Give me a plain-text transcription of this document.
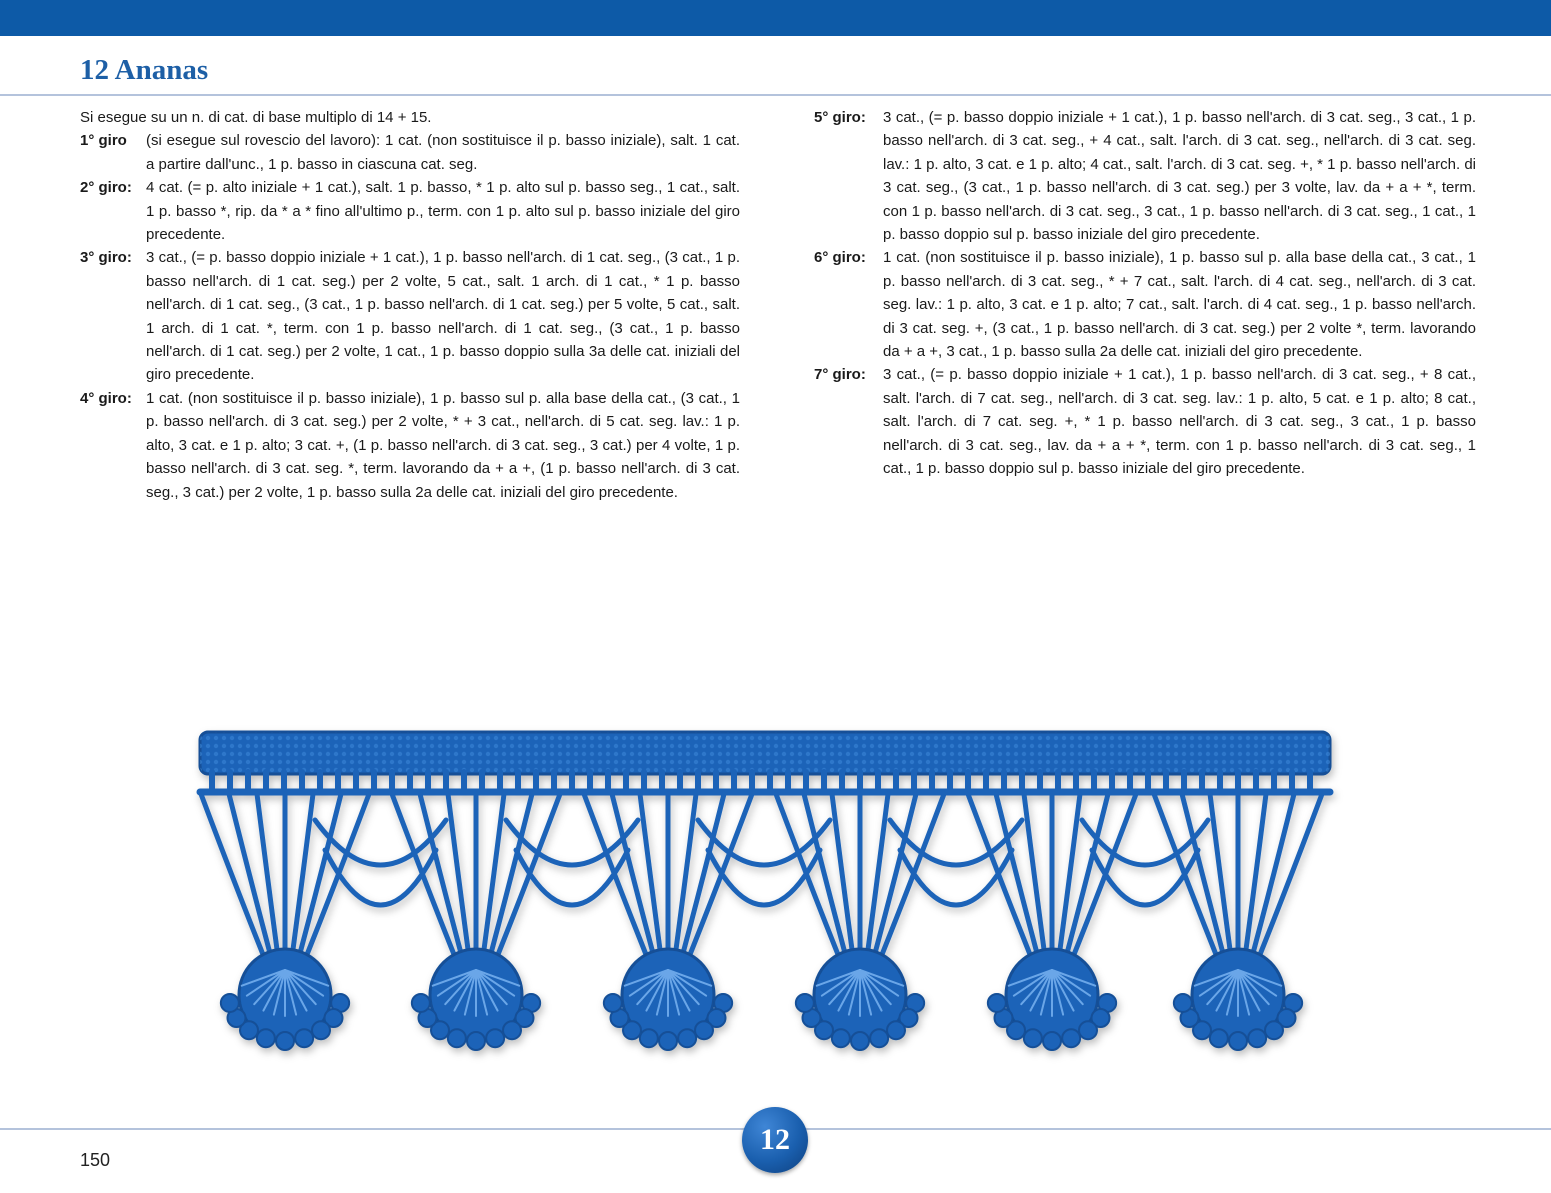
12 Ananas

Si esegue su un n. di cat. di base multiplo di 14 + 15.

1° giro	(si esegue sul rovescio del lavoro): 1 cat. (non sostituisce il p. basso iniziale), salt. 1 cat. a partire dall'unc., 1 p. basso in ciascuna cat. seg.
2° giro: 4 cat. (= p. alto iniziale + 1 cat.), salt. 1 p. basso, * 1 p. alto sul p. basso seg., 1 cat., salt. 1 p. basso *, rip. da * a * fino all'ultimo p., term. con 1 p. alto sul p. basso iniziale del giro precedente.
3° giro: 3 cat., (= p. basso doppio iniziale + 1 cat.), 1 p. basso nell'arch. di 1 cat. seg., (3 cat., 1 p. basso nell'arch. di 1 cat. seg.) per 2 volte, 5 cat., salt. 1 arch. di 1 cat., * 1 p. basso nell'arch. di 1 cat. seg., (3 cat., 1 p. basso nell'arch. di 1 cat. seg.) per 5 volte, 5 cat., salt. 1 arch. di 1 cat. *, term. con 1 p. basso nell'arch. di 1 cat. seg., (3 cat., 1 p. basso nell'arch. di 1 cat. seg.) per 2 volte, 1 cat., 1 p. basso doppio sulla 3a delle cat. iniziali del giro precedente.
4° giro: 1 cat. (non sostituisce il p. basso iniziale), 1 p. basso sul p. alla base della cat., (3 cat., 1 p. basso nell'arch. di 3 cat. seg.) per 2 volte, * + 3 cat., nell'arch. di 5 cat. seg. lav.: 1 p. alto, 3 cat. e 1 p. alto; 3 cat. +, (1 p. basso nell'arch. di 3 cat. seg., 3 cat.) per 4 volte, 1 p. basso nell'arch. di 3 cat. seg. *, term. lavorando da + a +, (1 p. basso nell'arch. di 3 cat. seg., 3 cat.) per 2 volte, 1 p. basso sulla 2a delle cat. iniziali del giro precedente.
5° giro:	3 cat., (= p. basso doppio iniziale + 1 cat.), 1 p. basso nell'arch. di 3 cat. seg., 3 cat., 1 p. basso nell'arch. di 3 cat. seg., + 4 cat., salt. l'arch. di 3 cat. seg., nell'arch. di 3 cat. seg. lav.: 1 p. alto, 3 cat. e 1 p. alto; 4 cat., salt. l'arch. di 3 cat. seg. +, * 1 p. basso nell'arch. di 3 cat. seg., (3 cat., 1 p. basso nell'arch. di 3 cat. seg.) per 3 volte, lav. da + a + *, term. con 1 p. basso nell'arch. di 3 cat. seg., 3 cat., 1 p. basso nell'arch. di 3 cat. seg., 1 cat., 1 p. basso doppio sul p. basso iniziale del giro precedente.
6° giro:	1 cat. (non sostituisce il p. basso iniziale), 1 p. basso sul p. alla base della cat., 3 cat., 1 p. basso nell'arch. di 3 cat. seg., * + 7 cat., salt. l'arch. di 4 cat. seg., nell'arch. di 3 cat. seg. lav.: 1 p. alto, 3 cat. e 1 p. alto; 7 cat., salt. l'arch. di 4 cat. seg., 1 p. basso nell'arch. di 3 cat. seg. +, (3 cat., 1 p. basso nell'arch. di 3 cat. seg.) per 2 volte *, term. lavorando da + a +, 3 cat., 1 p. basso sulla 2a delle cat. iniziali del giro precedente.
7° giro:	3 cat., (= p. basso doppio iniziale + 1 cat.), 1 p. basso nell'arch. di 3 cat. seg., + 8 cat., salt. l'arch. di 7 cat. seg., nell'arch. di 3 cat. seg. lav.: 1 p. alto, 5 cat. e 1 p. alto; 8 cat., salt. l'arch. di 7 cat. seg. +, * 1 p. basso nell'arch. di 3 cat. seg., 3 cat., 1 p. basso nell'arch. di 3 cat. seg., lav. da + a + *, term. con 1 p. basso nell'arch. di 3 cat. seg., 1 cat., 1 p. basso doppio sul p. basso iniziale del giro precedente.
150
12
